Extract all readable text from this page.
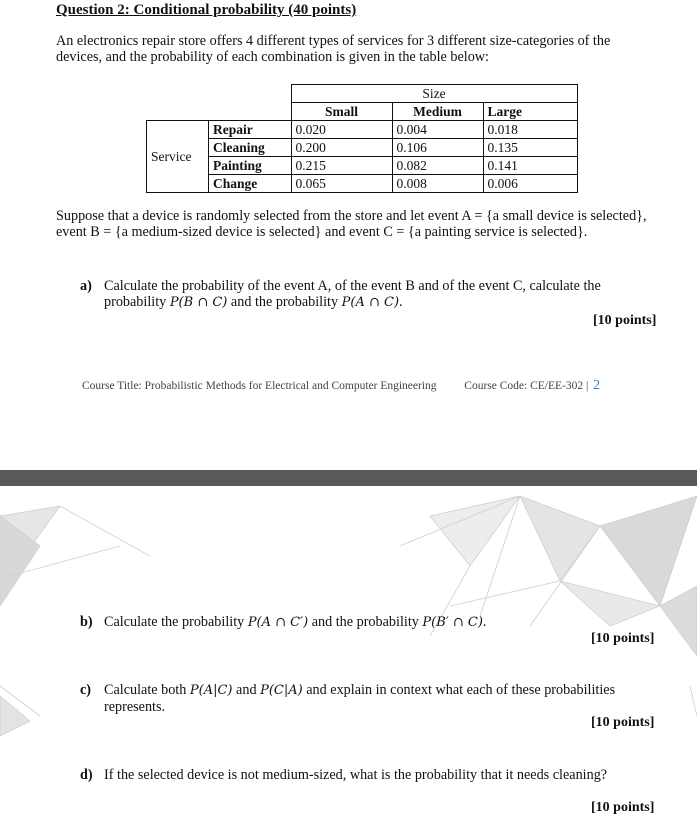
Question 2: Conditional probability (40 points)
An electronics repair store offers 4 different types of services for 3 different size-categories of the devices, and the probability of each combination is given in the table below:
		Size		
		Small	Medium	Large
Service	Repair	0.020	0.004	0.018
	Cleaning	0.200	0.106	0.135
	Painting	0.215	0.082	0.141
	Change	0.065	0.008	0.006
Suppose that a device is randomly selected from the store and let event A = {a small device is selected}, event B = {a medium-sized device is selected} and event C = {a painting service is selected}.
a) Calculate the probability of the event A, of the event B and of the event C, calculate the probability P(B ∩ C) and the probability P(A ∩ C).
[10 points]
Course Title: Probabilistic Methods for Electrical and Computer Engineering Course Code: CE/EE-302 | 2
b) Calculate the probability P(A ∩ C′) and the probability P(B′ ∩ C).
[10 points]
c) Calculate both P(A|C) and P(C|A) and explain in context what each of these probabilities represents.
[10 points]
d) If the selected device is not medium-sized, what is the probability that it needs cleaning?
[10 points]
